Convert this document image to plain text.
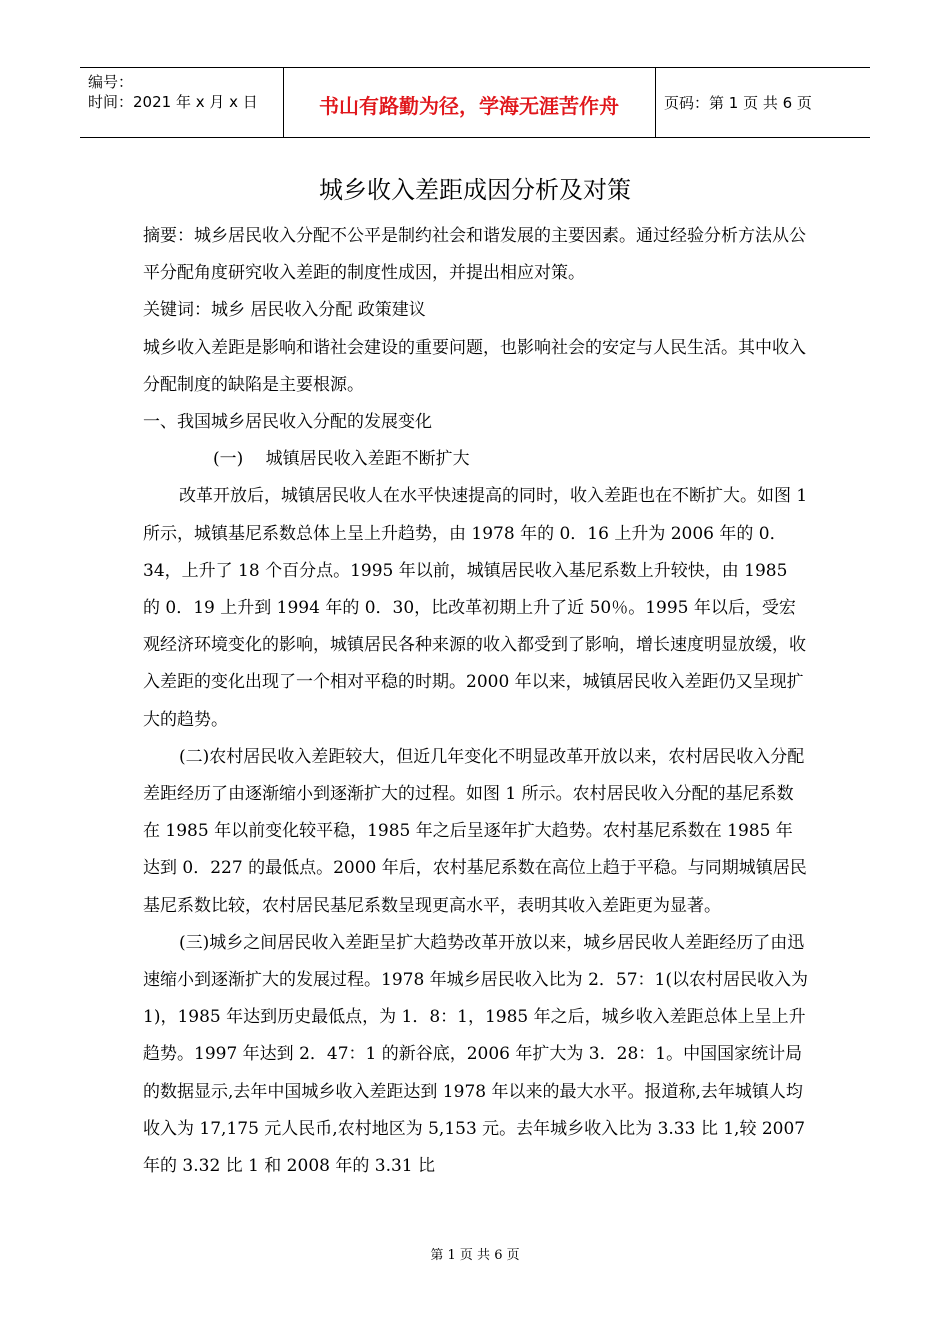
编号：
时间：2021 年 x 月 x 日	书山有路勤为径，学海无涯苦作舟	页码：第 1 页 共 6 页
城乡收入差距成因分析及对策

摘要：城乡居民收入分配不公平是制约社会和谐发展的主要因素。通过经验分析方法从公平分配角度研究收入差距的制度性成因，并提出相应对策。

关键词：城乡 居民收入分配 政策建议

城乡收入差距是影响和谐社会建设的重要问题，也影响社会的安定与人民生活。其中收入分配制度的缺陷是主要根源。

一、我国城乡居民收入分配的发展变化

(一)　 城镇居民收入差距不断扩大

改革开放后，城镇居民收人在水平快速提高的同时，收入差距也在不断扩大。如图 1 所示，城镇基尼系数总体上呈上升趋势，由 1978 年的 0．16 上升为 2006 年的 0．34，上升了 18 个百分点。1995 年以前，城镇居民收入基尼系数上升较快，由 1985 的 0．19 上升到 1994 年的 0．30，比改革初期上升了近 50％。1995 年以后，受宏观经济环境变化的影响，城镇居民各种来源的收入都受到了影响，增长速度明显放缓，收入差距的变化出现了一个相对平稳的时期。2000 年以来，城镇居民收入差距仍又呈现扩大的趋势。

(二)农村居民收入差距较大，但近几年变化不明显改革开放以来，农村居民收入分配差距经历了由逐渐缩小到逐渐扩大的过程。如图 1 所示。农村居民收入分配的基尼系数在 1985 年以前变化较平稳，1985 年之后呈逐年扩大趋势。农村基尼系数在 1985 年达到 0．227 的最低点。2000 年后，农村基尼系数在高位上趋于平稳。与同期城镇居民基尼系数比较，农村居民基尼系数呈现更高水平，表明其收入差距更为显著。

(三)城乡之间居民收入差距呈扩大趋势改革开放以来，城乡居民收人差距经历了由迅速缩小到逐渐扩大的发展过程。1978 年城乡居民收入比为 2．57：1(以农村居民收入为 1)，1985 年达到历史最低点，为 1．8：1，1985 年之后，城乡收入差距总体上呈上升趋势。1997 年达到 2．47：1 的新谷底，2006 年扩大为 3．28：1。中国国家统计局的数据显示,去年中国城乡收入差距达到 1978 年以来的最大水平。报道称,去年城镇人均收入为 17,175 元人民币,农村地区为 5,153 元。去年城乡收入比为 3.33 比 1,较 2007 年的 3.32 比 1 和 2008 年的 3.31 比

第 1 页 共 6 页
